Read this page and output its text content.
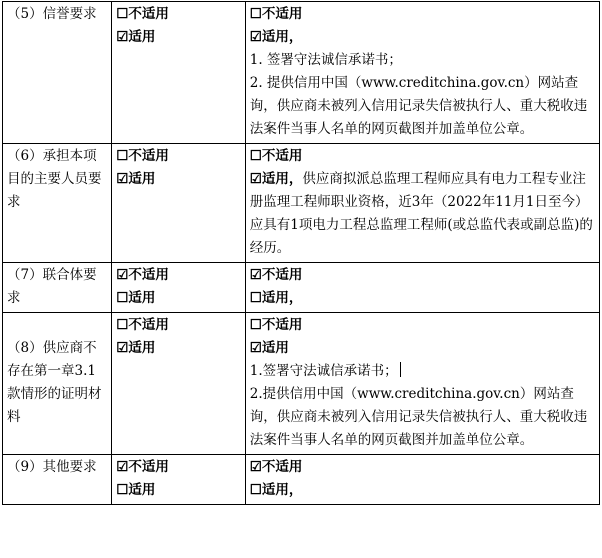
（5）信誉要求	☐不适用
☑适用	☐不适用
☑适用，
1. 签署守法诚信承诺书；
2. 提供信用中国（www.creditchina.gov.cn）网站查询，供应商未被列入信用记录失信被执行人、重大税收违法案件当事人名单的网页截图并加盖单位公章。

（6）承担本项目的主要人员要求	☐不适用
☑适用	☐不适用
☑适用，供应商拟派总监理工程师应具有电力工程专业注册监理工程师职业资格，近3年（2022年11月1日至今）应具有1项电力工程总监理工程师(或总监代表或副总监)的经历。
（7）联合体要求	☑不适用
☐适用	☑不适用
☐适用，

（8）供应商不存在第一章3.1款情形的证明材料	☐不适用
☑适用	☐不适用
☑适用
1.签署守法诚信承诺书；
2.提供信用中国（www.creditchina.gov.cn）网站查询，供应商未被列入信用记录失信被执行人、重大税收违法案件当事人名单的网页截图并加盖单位公章。

（9）其他要求	☑不适用
☐适用	☑不适用
☐适用，
